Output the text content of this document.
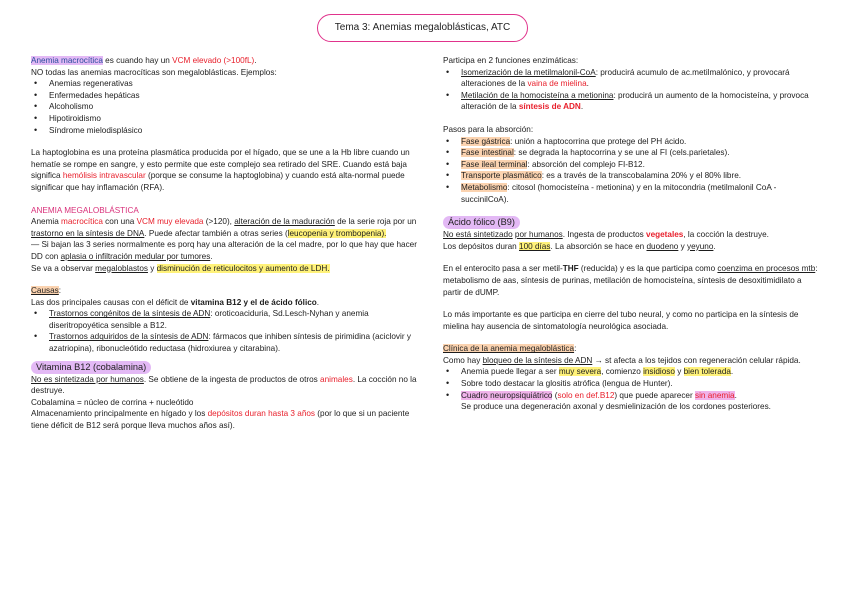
Tema 3: Anemias megaloblásticas, ATC

Anemia macrocítica es cuando hay un VCM elevado (>100fL).

NO todas las anemias macrocíticas son megaloblásticas. Ejemplos:

• Anemias regenerativas
• Enfermedades hepáticas
• Alcoholismo
• Hipotiroidismo
• Síndrome mielodisplásico

La haptoglobina es una proteína plasmática producida por el hígado, que se une a la Hb libre cuando un hematíe se rompe en sangre, y esto permite que este complejo sea retirado del SRE. Cuando está baja significa hemólisis intravascular (porque se consume la haptoglobina) y cuando está alta-normal puede significar que hay inflamación (RFA).

ANEMIA MEGALOBLÁSTICA

Anemia macrocítica con una VCM muy elevada (>120), alteración de la maduración de la serie roja por un trastorno en la síntesis de DNA. Puede afectar también a otras series (leucopenia y trombopenia).

— Si bajan las 3 series normalmente es porq hay una alteración de la cel madre, por lo que hay que hacer DD con aplasia o infiltración medular por tumores.

Se va a observar megaloblastos y disminución de reticulocitos y aumento de LDH.

Causas:

Las dos principales causas con el déficit de vitamina B12 y el de ácido fólico.

• Trastornos congénitos de la síntesis de ADN: oroticoaciduria, Sd.Lesch-Nyhan y anemia diseritropoyética sensible a B12.
• Trastornos adquiridos de la síntesis de ADN: fármacos que inhiben síntesis de pirimidina (aciclovir y azatriopina), ribonucleótido reductasa (hidroxiurea y citarabina).

Vitamina B12 (cobalamina)

No es sintetizada por humanos. Se obtiene de la ingesta de productos de otros animales. La cocción no la destruye.

Cobalamina = núcleo de corrina + nucleótido

Almacenamiento principalmente en hígado y los depósitos duran hasta 3 años (por lo que si un paciente tiene déficit de B12 será porque lleva muchos años así).

Participa en 2 funciones enzimáticas:

• Isomerización de la metilmalonil-CoA: producirá acumulo de ac.metilmalónico, y provocará alteraciones de la vaina de mielina.
• Metilación de la homocisteína a metionina: producirá un aumento de la homocisteína, y provoca alteración de la síntesis de ADN.

Pasos para la absorción:

• Fase gástrica: unión a haptocorrina que protege del PH ácido.
• Fase intestinal: se degrada la haptocorrina y se une al FI (cels.parietales).
• Fase ileal terminal: absorción del complejo FI-B12.
• Transporte plasmático: es a través de la transcobalamina 20% y el 80% libre.
• Metabolismo: citosol (homocisteína - metionina) y en la mitocondria (metilmalonil CoA - succinilCoA).

Ácido fólico (B9)

No está sintetizado por humanos. Ingesta de productos vegetales, la cocción la destruye.

Los depósitos duran 100 días. La absorción se hace en duodeno y yeyuno.

En el enterocito pasa a ser metil-THF (reducida) y es la que participa como coenzima en procesos mtb: metabolismo de aas, síntesis de purinas, metilación de homocisteína, síntesis de desoxitimidilato a partir de dUMP.

Lo más importante es que participa en cierre del tubo neural, y como no participa en la síntesis de mielina hay ausencia de sintomatología neurológica asociada.

Clínica de la anemia megaloblástica:

Como hay bloqueo de la síntesis de ADN → st afecta a los tejidos con regeneración celular rápida.

• Anemia puede llegar a ser muy severa, comienzo insidioso y bien tolerada.
• Sobre todo destacar la glositis atrófica (lengua de Hunter).
• Cuadro neuropsiquiátrico (solo en def.B12) que puede aparecer sin anemia.
Se produce una degeneración axonal y desmielinización de los cordones posteriores.
